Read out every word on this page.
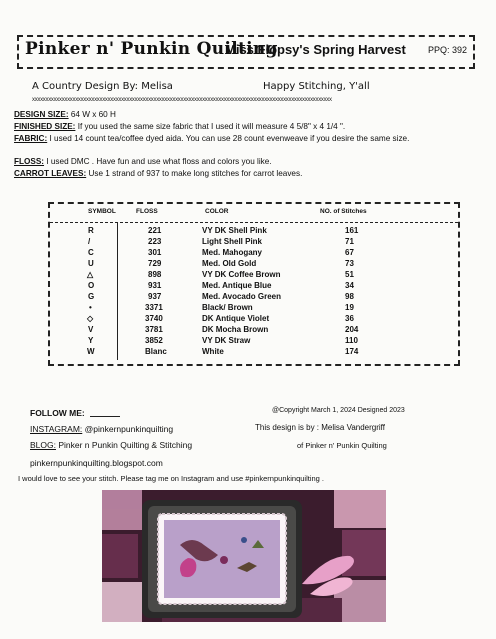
Pinker n' Punkin Quilting
Miss Flopsy's Spring Harvest PPQ: 392
A Country Design By: Melisa	Happy Stitching, Y'all
xxxxxxxxxxxxxxxxxxxxxxxxxxxxxxxxxxxxxxxxxxxxxxxxxxxxxxxxxxxxxxxxxxxxxxxxxxxxxxxxxxxxxxxxxxxxxxxxxxxxxxxxxxxxxxx
DESIGN SIZE: 64 W x 60 H
FINISHED SIZE: If you used the same size fabric that I used it will measure 4 5/8" x 4 1/4 ".
FABRIC: I used 14 count tea/coffee dyed aida. You can use 28 count evenweave if you desire the same size.
FLOSS: I used DMC . Have fun and use what floss and colors you like.
CARROT LEAVES: Use 1 strand of 937 to make long stitches for carrot leaves.
SYMBOL	FLOSS	COLOR	NO. of Stitches
R	221	VY DK Shell Pink	161
/	223	Light Shell Pink	71
C	301	Med. Mahogany	67
U	729	Med. Old Gold	73
△	898	VY DK Coffee Brown	51
O	931	Med. Antique Blue	34
G	937	Med. Avocado Green	98
•	3371	Black/ Brown	19
◇	3740	DK Antique Violet	36
V	3781	DK Mocha Brown	204
Y	3852	VY DK Straw	110
W	Blanc	White	174
FOLLOW ME:	@Copyright March 1, 2024 Designed 2023
INSTAGRAM: @pinkernpunkinquilting	This design is by : Melisa Vandergriff
BLOG: Pinker n Punkin Quilting & Stitching	of Pinker n' Punkin Quilting
pinkernpunkinquilting.blogspot.com
I would love to see your stitch. Please tag me on Instagram and use #pinkernpunkinquilting .
